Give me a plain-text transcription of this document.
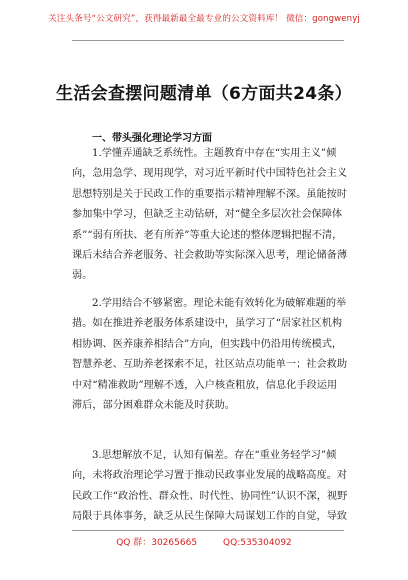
关注头条号“公文研究”，获得最新最全最专业的公文资料库！ 微信：gongwenyj
生活会查摆问题清单（6方面共24条）
一、带头强化理论学习方面
1.学懂弄通缺乏系统性。主题教育中存在“实用主义”倾
向，急用急学、现用现学，对习近平新时代中国特色社会主义
思想特别是关于民政工作的重要指示精神理解不深。虽能按时
参加集中学习，但缺乏主动钻研，对“健全多层次社会保障体
系”“弱有所扶、老有所养”等重大论述的整体逻辑把握不清，
课后未结合养老服务、社会救助等实际深入思考，理论储备薄
弱。
2.学用结合不够紧密。理论未能有效转化为破解难题的举
措。如在推进养老服务体系建设中，虽学习了“居家社区机构
相协调、医养康养相结合”方向，但实践中仍沿用传统模式，
智慧养老、互助养老探索不足，社区站点功能单一；社会救助
中对“精准救助”理解不透，入户核查粗放，信息化手段运用
滞后，部分困难群众未能及时获助。
3.思想解放不足，认知有偏差。存在“重业务轻学习”倾
向，未将政治理论学习置于推动民政事业发展的战略高度。对
民政工作“政治性、群众性、时代性、协同性”认识不深，视野
局限于具体事务，缺乏从民生保障大局谋划工作的自觉，导致
QQ 群：30265665	QQ:535304092
